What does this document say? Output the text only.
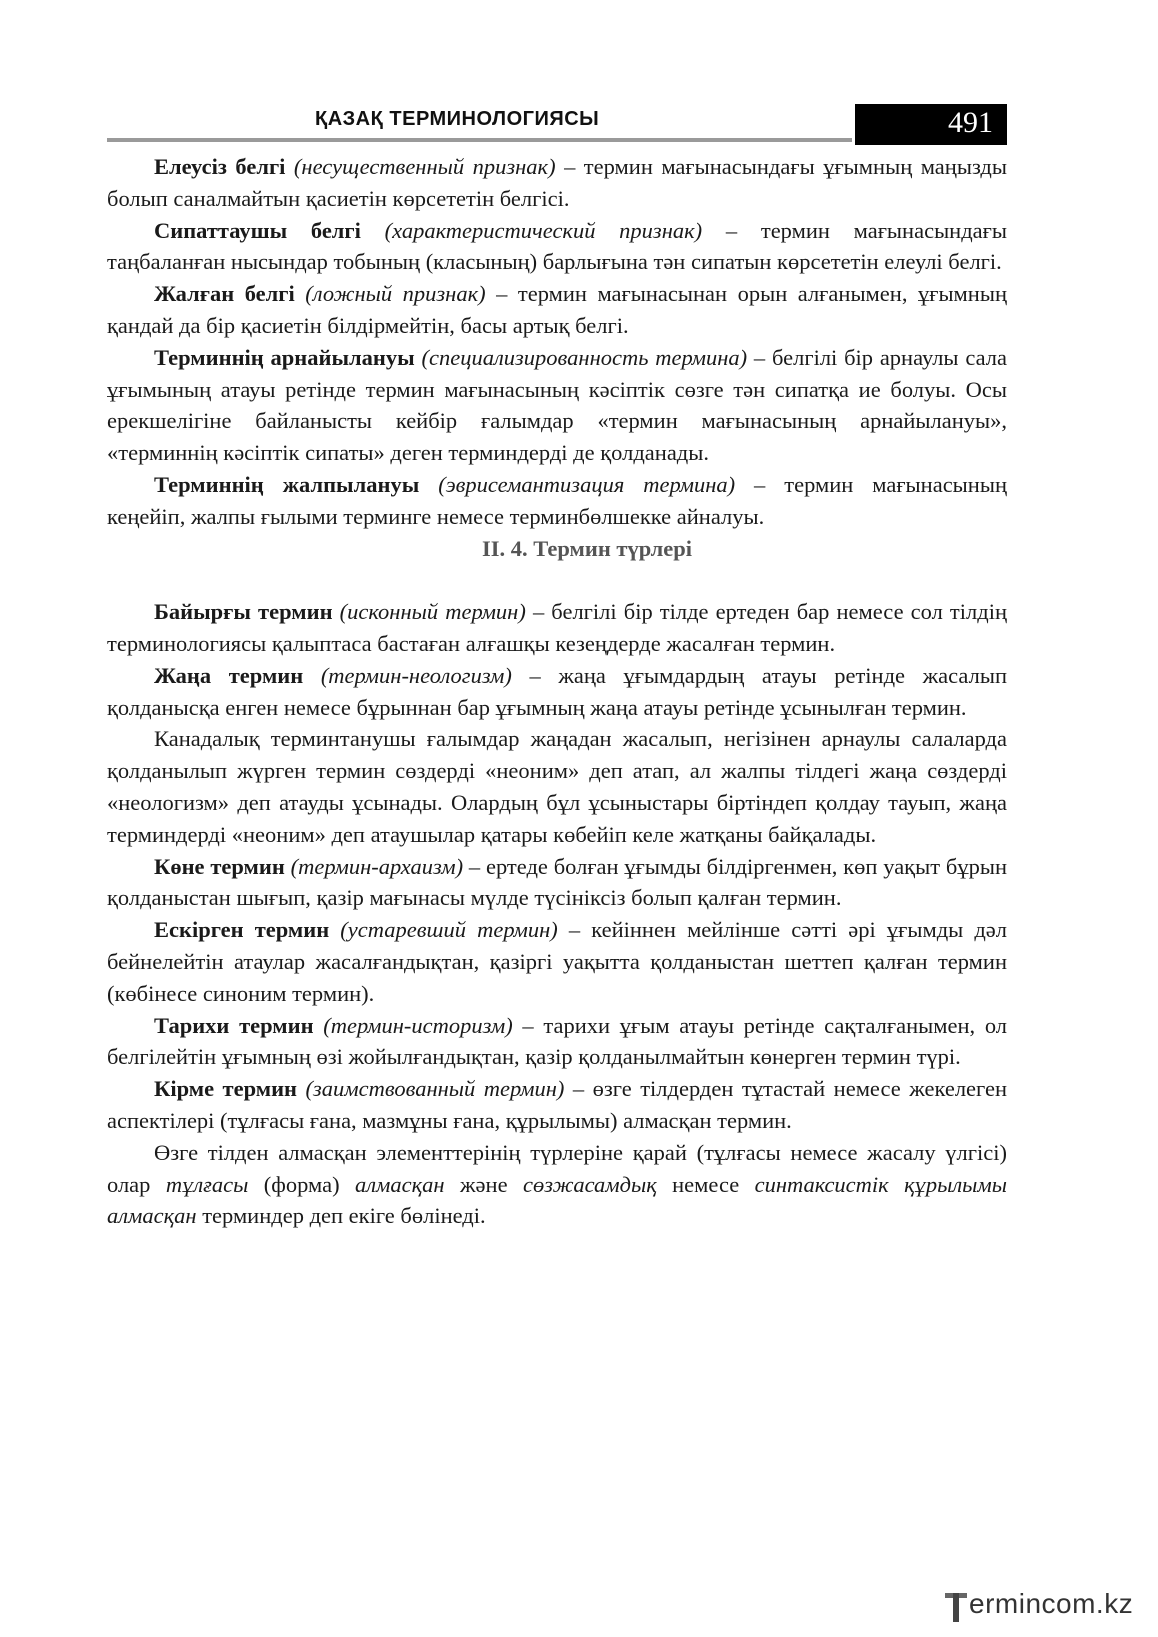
ҚАЗАҚ ТЕРМИНОЛОГИЯСЫ	491

Елеусіз белгі (несущественный признак) – термин мағынасындағы ұғымның маңызды болып саналмайтын қасиетін көрсететін белгісі.

Сипаттаушы белгі (характеристический признак) – термин мағынасындағы таңбаланған нысындар тобының (класының) барлығына тән сипатын көрсететін елеулі белгі.

Жалған белгі (ложный признак) – термин мағынасынан орын алғанымен, ұғымның қандай да бір қасиетін білдірмейтін, басы артық белгі.

Терминнің арнайылануы (специализированность термина) – белгілі бір арнаулы сала ұғымының атауы ретінде термин мағынасының кәсіптік сөзге тән сипатқа ие болуы. Осы ерекшелігіне байланысты кейбір ғалымдар «термин мағынасының арнайылануы», «терминнің кәсіптік сипаты» деген терминдерді де қолданады.

Терминнің жалпылануы (эврисемантизация термина) – термин мағынасының кеңейіп, жалпы ғылыми терминге немесе терминбөлшекке айналуы.

ІІ. 4. Термин түрлері

Байырғы термин (исконный термин) – белгілі бір тілде ертеден бар немесе сол тілдің терминологиясы қалыптаса бастаған алғашқы кезеңдерде жасалған термин.

Жаңа термин (термин-неологизм) – жаңа ұғымдардың атауы ретінде жасалып қолданысқа енген немесе бұрыннан бар ұғымның жаңа атауы ретінде ұсынылған термин.

Канадалық терминтанушы ғалымдар жаңадан жасалып, негізінен арнаулы салаларда қолданылып жүрген термин сөздерді «неоним» деп атап, ал жалпы тілдегі жаңа сөздерді «неологизм» деп атауды ұсынады. Олардың бұл ұсыныстары біртіндеп қолдау тауып, жаңа терминдерді «неоним» деп атаушылар қатары көбейіп келе жатқаны байқалады.

Көне термин (термин-архаизм) – ертеде болған ұғымды білдіргенмен, көп уақыт бұрын қолданыстан шығып, қазір мағынасы мүлде түсініксіз болып қалған термин.

Ескірген термин (устаревший термин) – кейіннен мейлінше сәтті әрі ұғымды дәл бейнелейтін атаулар жасалғандықтан, қазіргі уақытта қолданыстан шеттеп қалған термин (көбінесе синоним термин).

Тарихи термин (термин-историзм) – тарихи ұғым атауы ретінде сақталғанымен, ол белгілейтін ұғымның өзі жойылғандықтан, қазір қолданылмайтын көнерген термин түрі.

Кірме термин (заимствованный термин) – өзге тілдерден тұтастай немесе жекелеген аспектілері (тұлғасы ғана, мазмұны ғана, құрылымы) алмасқан термин.

Өзге тілден алмасқан элементтерінің түрлеріне қарай (тұлғасы немесе жасалу үлгісі) олар тұлғасы (форма) алмасқан және сөзжасамдық немесе синтаксистік құрылымы алмасқан терминдер деп екіге бөлінеді.

ermincom.kz
